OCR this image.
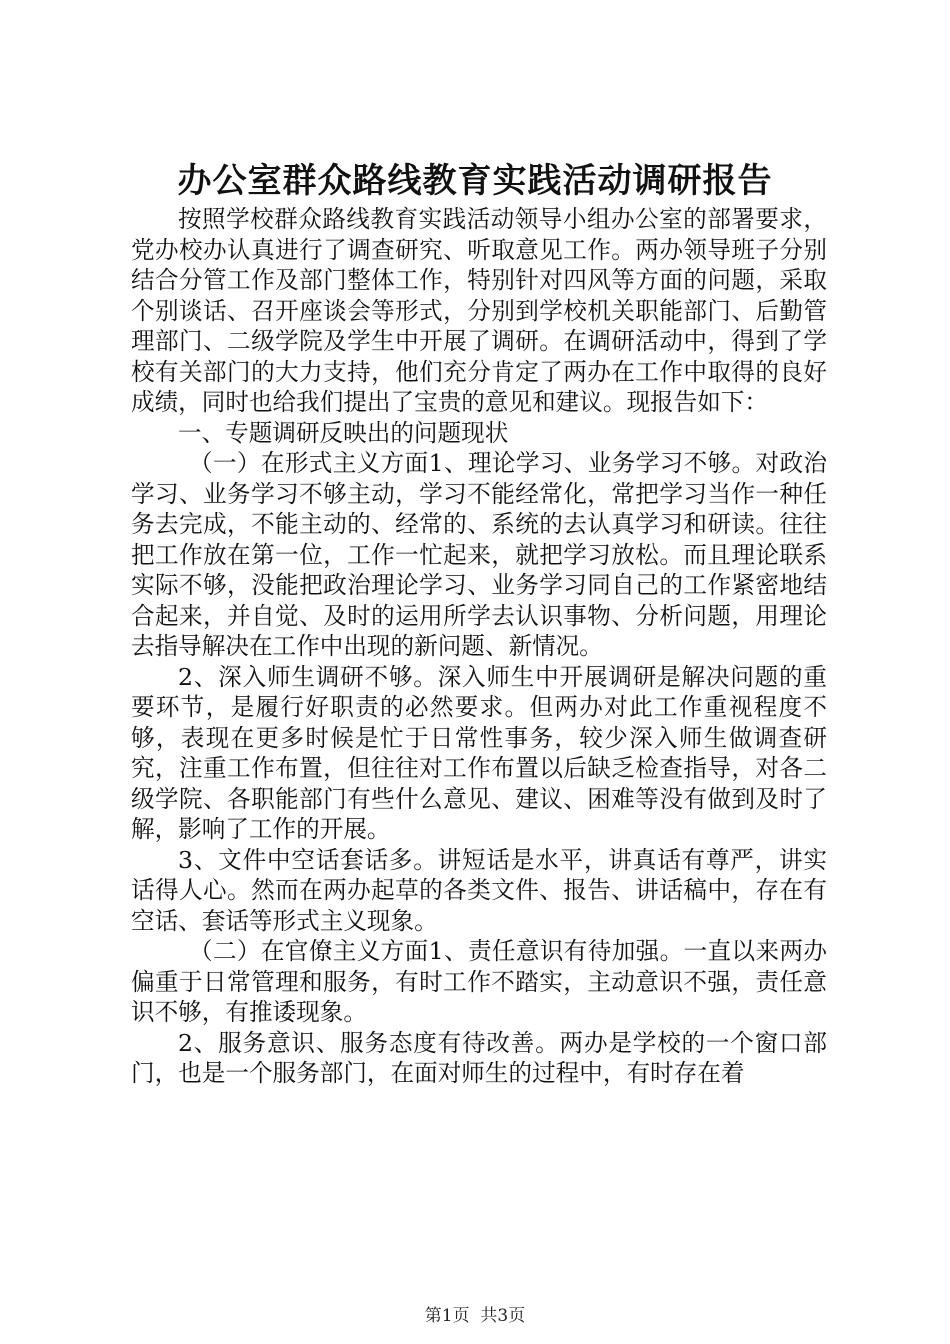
办公室群众路线教育实践活动调研报告

按照学校群众路线教育实践活动领导小组办公室的部署要求，党办校办认真进行了调查研究、听取意见工作。两办领导班子分别结合分管工作及部门整体工作，特别针对四风等方面的问题，采取个别谈话、召开座谈会等形式，分别到学校机关职能部门、后勤管理部门、二级学院及学生中开展了调研。在调研活动中，得到了学校有关部门的大力支持，他们充分肯定了两办在工作中取得的良好成绩，同时也给我们提出了宝贵的意见和建议。现报告如下：

一、专题调研反映出的问题现状

（一）在形式主义方面1、理论学习、业务学习不够。对政治学习、业务学习不够主动，学习不能经常化，常把学习当作一种任务去完成，不能主动的、经常的、系统的去认真学习和研读。往往把工作放在第一位，工作一忙起来，就把学习放松。而且理论联系实际不够，没能把政治理论学习、业务学习同自己的工作紧密地结合起来，并自觉、及时的运用所学去认识事物、分析问题，用理论去指导解决在工作中出现的新问题、新情况。

2、深入师生调研不够。深入师生中开展调研是解决问题的重要环节，是履行好职责的必然要求。但两办对此工作重视程度不够，表现在更多时候是忙于日常性事务，较少深入师生做调查研究，注重工作布置，但往往对工作布置以后缺乏检查指导，对各二级学院、各职能部门有些什么意见、建议、困难等没有做到及时了解，影响了工作的开展。

3、文件中空话套话多。讲短话是水平，讲真话有尊严，讲实话得人心。然而在两办起草的各类文件、报告、讲话稿中，存在有空话、套话等形式主义现象。

（二）在官僚主义方面1、责任意识有待加强。一直以来两办偏重于日常管理和服务，有时工作不踏实，主动意识不强，责任意识不够，有推诿现象。

2、服务意识、服务态度有待改善。两办是学校的一个窗口部门，也是一个服务部门，在面对师生的过程中，有时存在着

第1页 共3页
